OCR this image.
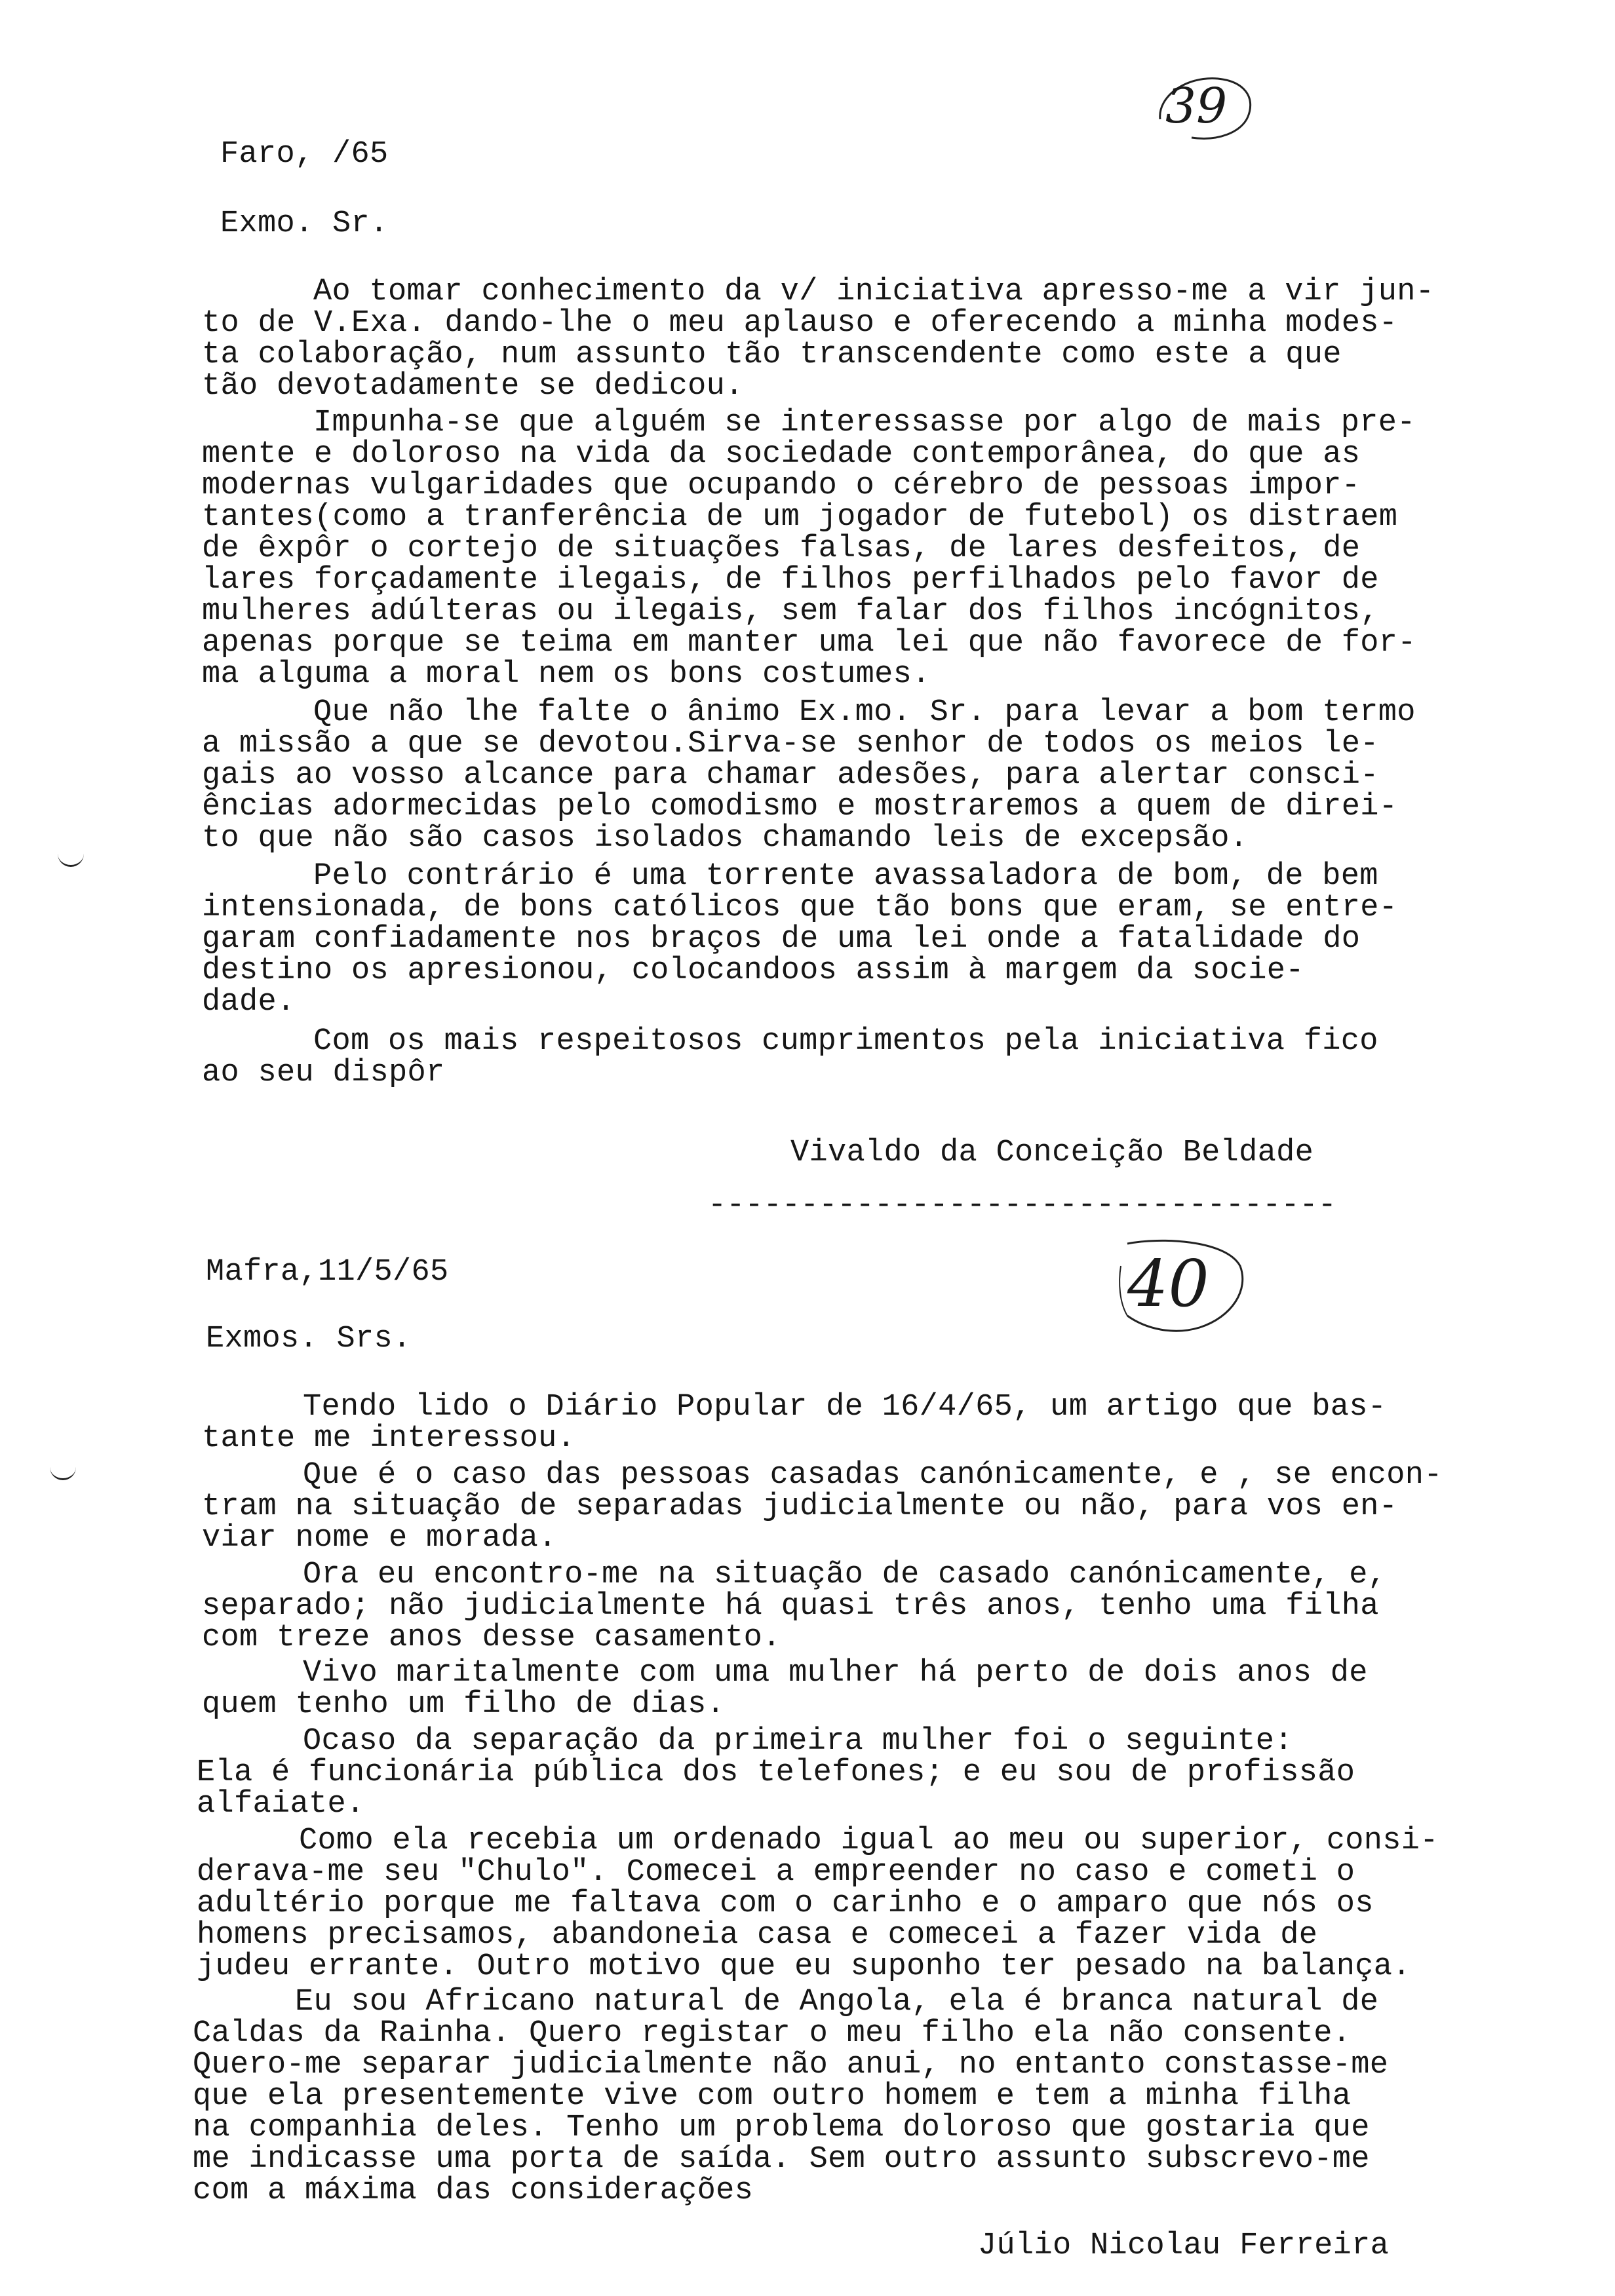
39
Faro, /65
Exmo. Sr.
Ao tomar conhecimento da v/ iniciativa apresso-me a vir jun-
to de V.Exa. dando-lhe o meu aplauso e oferecendo a minha modes-
ta colaboração, num assunto tão transcendente como este a que
tão devotadamente se dedicou.
Impunha-se que alguém se interessasse por algo de mais pre-
mente e doloroso na vida da sociedade contemporânea, do que as
modernas vulgaridades que ocupando o cérebro de pessoas impor-
tantes(como a tranferência de um jogador de futebol) os distraem
de êxpôr o cortejo de situações falsas, de lares desfeitos, de
lares forçadamente ilegais, de filhos perfilhados pelo favor de
mulheres adúlteras ou ilegais, sem falar dos filhos incógnitos,
apenas porque se teima em manter uma lei que não favorece de for-
ma alguma a moral nem os bons costumes.
Que não lhe falte o ânimo Ex.mo. Sr. para levar a bom termo
a missão a que se devotou.Sirva-se senhor de todos os meios le-
gais ao vosso alcance para chamar adesões, para alertar consci-
ências adormecidas pelo comodismo e mostraremos a quem de direi-
to que não são casos isolados chamando leis de excepsão.
Pelo contrário é uma torrente avassaladora de bom, de bem
intensionada, de bons católicos que tão bons que eram, se entre-
garam confiadamente nos braços de uma lei onde a fatalidade do
destino os apresionou, colocandoos assim à margem da socie-
dade.
Com os mais respeitosos cumprimentos pela iniciativa fico
ao seu dispôr
Vivaldo da Conceição Beldade
----------------------------------
40
Mafra,11/5/65
Exmos. Srs.
Tendo lido o Diário Popular de 16/4/65, um artigo que bas-
tante me interessou.
Que é o caso das pessoas casadas canónicamente, e , se encon-
tram na situação de separadas judicialmente ou não, para vos en-
viar nome e morada.
Ora eu encontro-me na situação de casado canónicamente, e,
separado; não judicialmente há quasi três anos, tenho uma filha
com treze anos desse casamento.
Vivo maritalmente com uma mulher há perto de dois anos de
quem tenho um filho de dias.
Ocaso da separação da primeira mulher foi o seguinte:
Ela é funcionária pública dos telefones; e eu sou de profissão
alfaiate.
Como ela recebia um ordenado igual ao meu ou superior, consi-
derava-me seu "Chulo". Comecei a empreender no caso e cometi o
adultério porque me faltava com o carinho e o amparo que nós os
homens precisamos, abandoneia casa e comecei a fazer vida de
judeu errante. Outro motivo que eu suponho ter pesado na balança.
Eu sou Africano natural de Angola, ela é branca natural de
Caldas da Rainha. Quero registar o meu filho ela não consente.
Quero-me separar judicialmente não anui, no entanto constasse-me
que ela presentemente vive com outro homem e tem a minha filha
na companhia deles. Tenho um problema doloroso que gostaria que
me indicasse uma porta de saída. Sem outro assunto subscrevo-me
com a máxima das considerações
Júlio Nicolau Ferreira
